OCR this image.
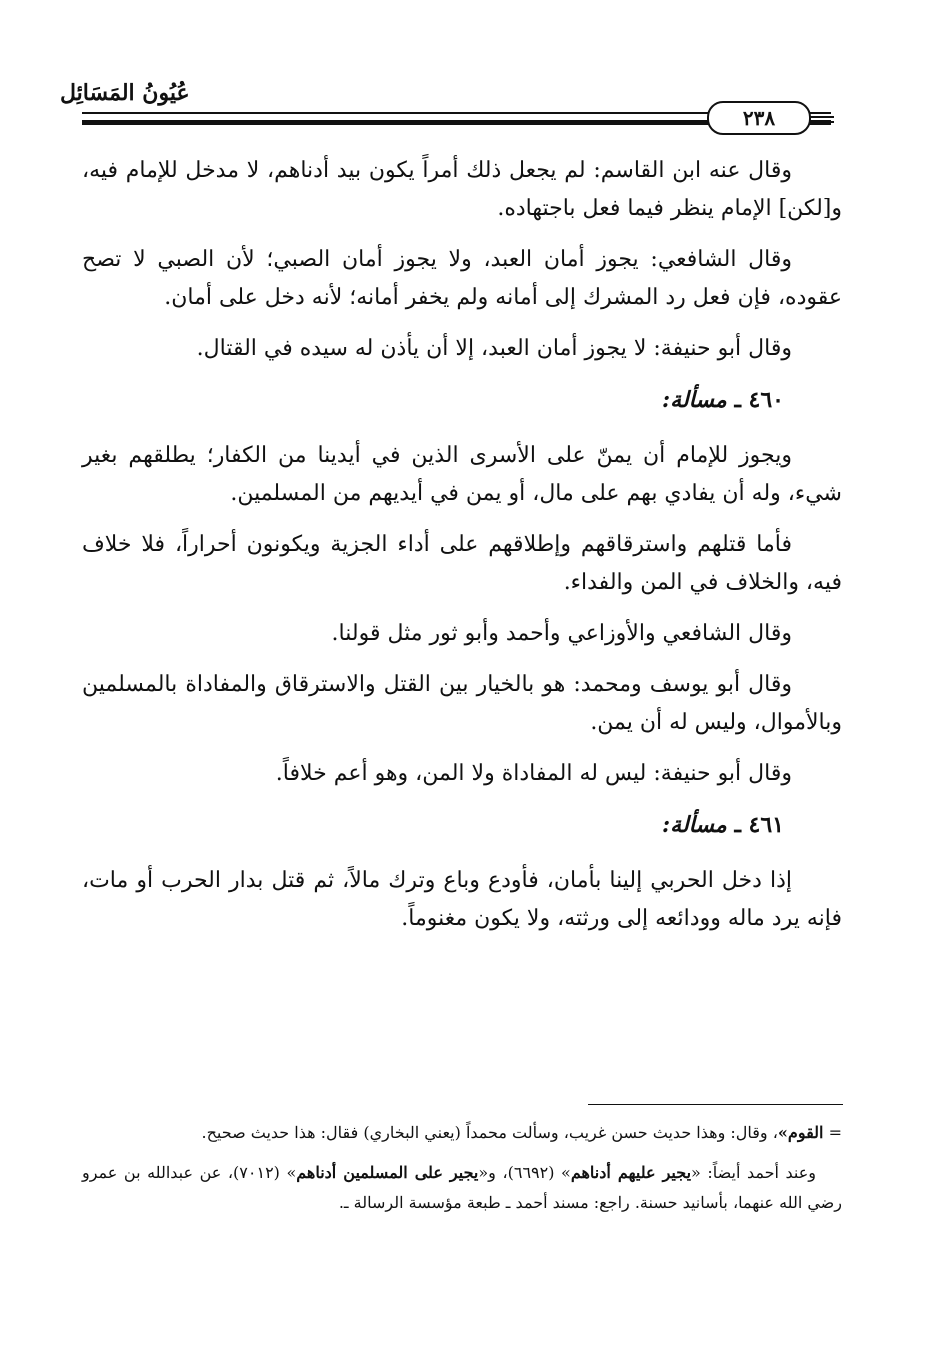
عُيُونُ المَسَائِل
٢٣٨

وقال عنه ابن القاسم: لم يجعل ذلك أمراً يكون بيد أدناهم، لا مدخل للإمام فيه، و[لكن] الإمام ينظر فيما فعل باجتهاده.

وقال الشافعي: يجوز أمان العبد، ولا يجوز أمان الصبي؛ لأن الصبي لا تصح عقوده، فإن فعل رد المشرك إلى أمانه ولم يخفر أمانه؛ لأنه دخل على أمان.

وقال أبو حنيفة: لا يجوز أمان العبد، إلا أن يأذن له سيده في القتال.

٤٦٠ ـ مسألة:

ويجوز للإمام أن يمنّ على الأسرى الذين في أيدينا من الكفار؛ يطلقهم بغير شيء، وله أن يفادي بهم على مال، أو يمن في أيديهم من المسلمين.

فأما قتلهم واسترقاقهم وإطلاقهم على أداء الجزية ويكونون أحراراً، فلا خلاف فيه، والخلاف في المن والفداء.

وقال الشافعي والأوزاعي وأحمد وأبو ثور مثل قولنا.

وقال أبو يوسف ومحمد: هو بالخيار بين القتل والاسترقاق والمفاداة بالمسلمين وبالأموال، وليس له أن يمن.

وقال أبو حنيفة: ليس له المفاداة ولا المن، وهو أعم خلافاً.

٤٦١ ـ مسألة:

إذا دخل الحربي إلينا بأمان، فأودع وباع وترك مالاً، ثم قتل بدار الحرب أو مات، فإنه يرد ماله وودائعه إلى ورثته، ولا يكون مغنوماً.

= القوم»، وقال: وهذا حديث حسن غريب، وسألت محمداً (يعني البخاري) فقال: هذا حديث صحيح.

وعند أحمد أيضاً: «يجير عليهم أدناهم» (٦٦٩٢)، و«يجير على المسلمين أدناهم» (٧٠١٢)، عن عبدالله بن عمرو رضي الله عنهما، بأسانيد حسنة. راجع: مسند أحمد ـ طبعة مؤسسة الرسالة ـ.
